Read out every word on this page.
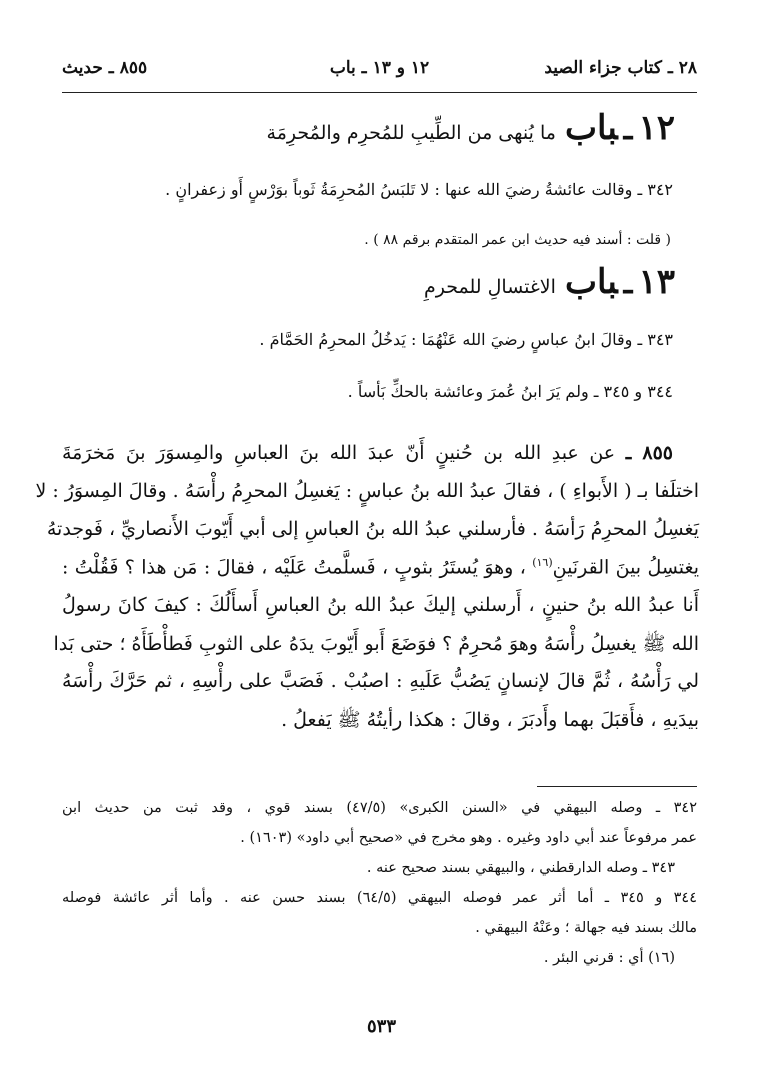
٢٨ ـ كتاب جزاء الصيد
١٢ و ١٣ ـ باب
٨٥٥ ـ حديث
١٢ـباب ما يُنهى من الطِّيبِ للمُحرِم والمُحرِمَة
٣٤٢ ـ وقالت عائشةُ رضيَ الله عنها : لا تَلبَسُ المُحرِمَةُ ثَوباً بوَرْسٍ أَو زعفرانٍ .
( قلت : أسند فيه حديث ابن عمر المتقدم برقم ٨٨ ) .
١٣ـباب الاغتسالِ للمحرمِ
٣٤٣ ـ وقالَ ابنُ عباسٍ رضيَ الله عَنْهُمَا : يَدخُلُ المحرِمُ الحَمَّامَ .
٣٤٤ و ٣٤٥ ـ ولم يَرَ ابنُ عُمرَ وعائشة بالحكِّ بَأساً .
٨٥٥ ـ عن عبدِ الله بن حُنينٍ أَنّ عبدَ الله بنَ العباسِ والمِسوَرَ بنَ مَخرَمَةَ
اختلَفا بـ ( الأَبواءِ ) ، فقالَ عبدُ الله بنُ عباسٍ : يَغسِلُ المحرِمُ رأْسَهُ . وقالَ المِسوَرُ : لا
يَغسِلُ المحرِمُ رَأسَهُ . فأرسلني عبدُ الله بنُ العباسِ إلى أبي أَيّوبَ الأَنصاريِّ ، فَوجدتهُ
يغتسِلُ بينَ القرنَينِ$^{(١٦)}$ ، وهوَ يُستَرُ بثوبٍ ، فَسلَّمتُ عَلَيْه ، فقالَ : مَن هذا ؟ فَقُلْتُ :
أَنا عبدُ الله بنُ حنينٍ ، أَرسلني إليكَ عبدُ الله بنُ العباسِ أَسأَلُكَ : كيفَ كانَ رسولُ
الله ﷺ يغسِلُ رأْسَهُ وهوَ مُحرِمٌ ؟ فوَضَعَ أَبو أَيّوبَ يدَهُ على الثوبِ فَطأْطَأَهُ ؛ حتى بَدا
لي رَأْسُهُ ، ثُمَّ قالَ لإنسانٍ يَصُبُّ عَلَيهِ : اصبُبْ . فَصَبَّ على رأْسِهِ ، ثم حَرَّكَ رأْسَهُ
بيدَيهِ ، فأَقبَلَ بهما وأَدبَرَ ، وقالَ : هكذا رأيتُهُ ﷺ يَفعلُ .
٣٤٢ ـ وصله البيهقي في «السنن الكبرى» (٤٧/٥) بسند قوي ، وقد ثبت من حديث ابن
عمر مرفوعاً عند أبي داود وغيره . وهو مخرج في «صحيح أبي داود» (١٦٠٣) .
٣٤٣ ـ وصله الدارقطني ، والبيهقي بسند صحيح عنه .
٣٤٤ و ٣٤٥ ـ أما أثر عمر فوصله البيهقي (٦٤/٥) بسند حسن عنه . وأما أثر عائشة فوصله
مالك بسند فيه جهالة ؛ وعَنْهُ البيهقي .
(١٦) أي : قرني البئر .
٥٣٣
